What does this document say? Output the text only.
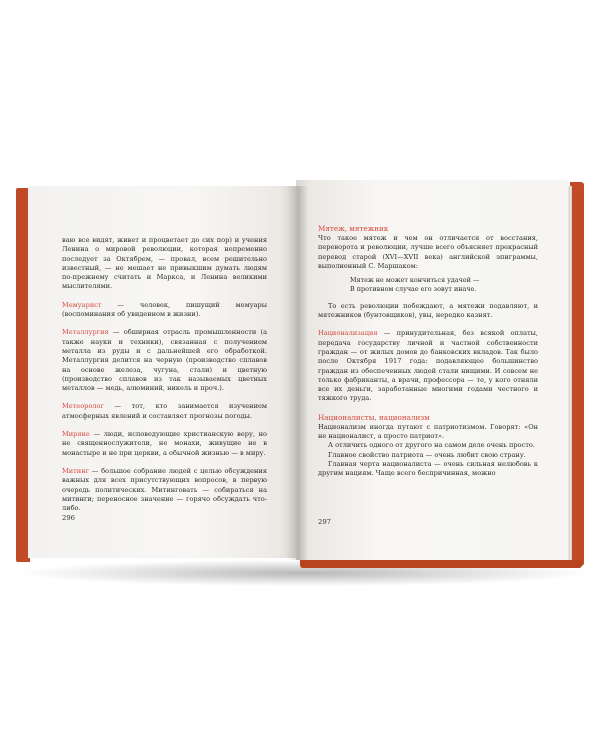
ваю все видят, живет и процветает до сих пор) и учения Ленина о мировой революции, которая непременно последует за Октябрем, — провал, всем решительно известный, — не мешает не привыкшим думать людям по-прежнему считать и Маркса, и Ленина великими мыслителями.

Мемуарист — человек, пишущий мемуары (воспоминания об увиденном в жизни).

Металлургия — обширная отрасль промышленности (а также науки и техники), связанная с получением металла из руды и с дальнейшей его обработкой. Металлургия делится на черную (производство сплавов на основе железа, чугуна, стали) и цветную (производство сплавов из так называемых цветных металлов — медь, алюминий, никель и проч.).

Метеоролог — тот, кто занимается изучением атмосферных явлений и составляет прогнозы погоды.

Миряне — люди, исповедующие христианскую веру, но не священнослужители, не монахи, живущие не в монастыре и не при церкви, а обычной жизнью — в миру.

Митинг — большое собрание людей с целью обсуждения важных для всех присутствующих вопросов, в первую очередь политических. Митинговать — собираться на митинги; переносное значение — горячо обсуждать что-либо.

296

Мятеж, мятежник

Что такое мятеж и чем он отличается от восстания, переворота и революции, лучше всего объясняет прекрасный перевод старой (XVI—XVII века) английской эпиграммы, выполненный С. Маршаком:

Мятеж не может кончиться удачей —

В противном случае его зовут иначе.

То есть революции побеждают, а мятежи подавляют, и мятежников (бунтовщиков), увы, нередко казнят.

Национализация — принудительная, без всякой оплаты, передача государству личной и частной собственности граждан — от жилых домов до банковских вкладов. Так было после Октября 1917 года: подавляющее большинство граждан из обеспеченных людей стали нищими. И совсем не только фабриканты, а врачи, профессора — те, у кого отняли все их деньги, заработанные многими годами честного и тяжкого труда.

Националисты, национализм

Национализм иногда путают с патриотизмом. Говорят: «Он не националист, а просто патриот».

А отличить одного от другого на самом деле очень просто.

Главное свойство патриота — очень любит свою страну.

Главная черта националиста — очень сильная нелюбовь к другим нациям. Чаще всего беспричинная, можно

297
